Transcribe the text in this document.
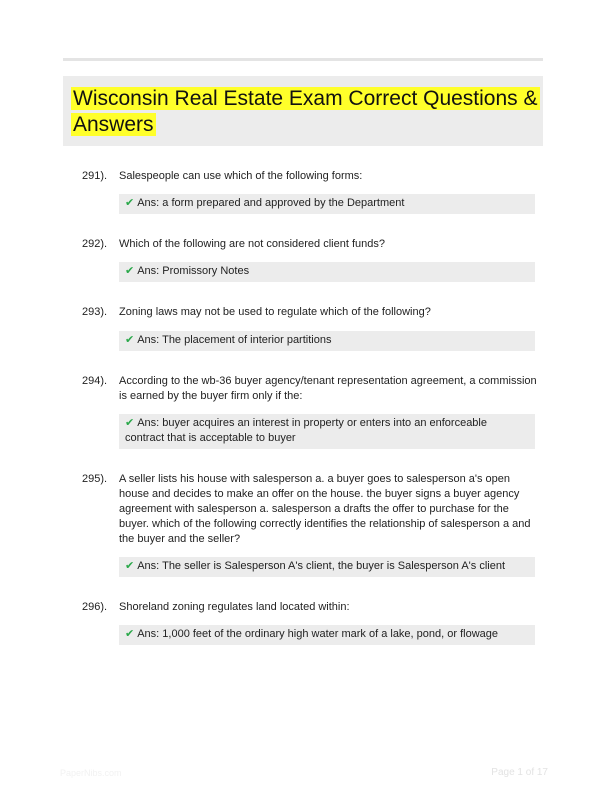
Wisconsin Real Estate Exam Correct Questions & Answers
291). Salespeople can use which of the following forms:
✔ Ans: a form prepared and approved by the Department
292). Which of the following are not considered client funds?
✔ Ans: Promissory Notes
293). Zoning laws may not be used to regulate which of the following?
✔ Ans: The placement of interior partitions
294). According to the wb-36 buyer agency/tenant representation agreement, a commission is earned by the buyer firm only if the:
✔ Ans: buyer acquires an interest in property or enters into an enforceable contract that is acceptable to buyer
295). A seller lists his house with salesperson a. a buyer goes to salesperson a's open house and decides to make an offer on the house. the buyer signs a buyer agency agreement with salesperson a. salesperson a drafts the offer to purchase for the buyer. which of the following correctly identifies the relationship of salesperson a and the buyer and the seller?
✔ Ans: The seller is Salesperson A's client, the buyer is Salesperson A's client
296). Shoreland zoning regulates land located within:
✔ Ans: 1,000 feet of the ordinary high water mark of a lake, pond, or flowage
PaperNibs.com	Page 1 of 17
